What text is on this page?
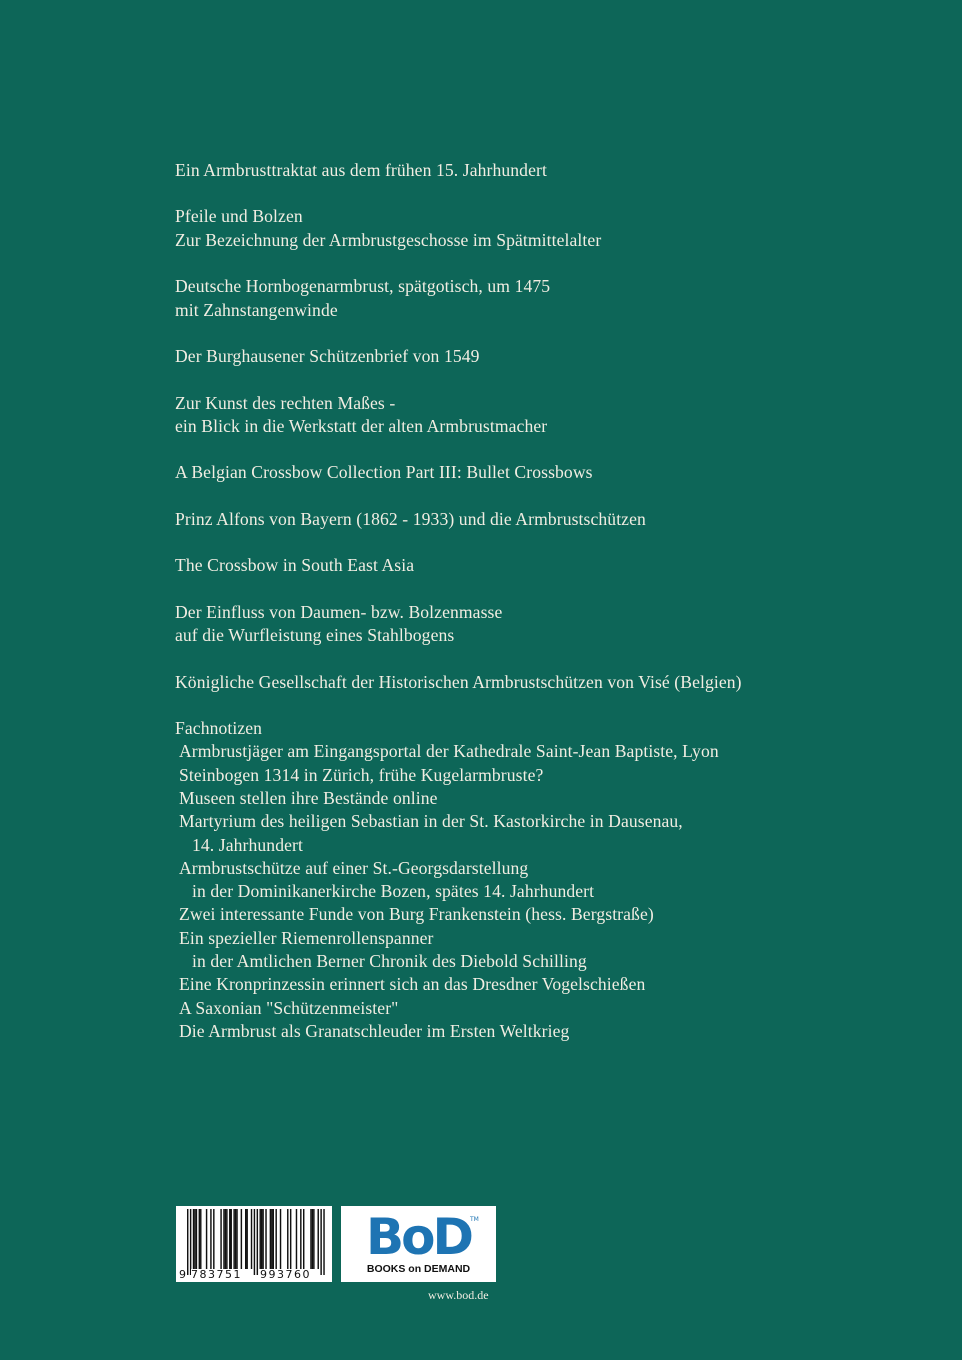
Ein Armbrusttraktat aus dem frühen 15. Jahrhundert
Pfeile und Bolzen
Zur Bezeichnung der Armbrustgeschosse im Spätmittelalter
Deutsche Hornbogenarmbrust, spätgotisch, um 1475
mit Zahnstangenwinde
Der Burghausener Schützenbrief von 1549
Zur Kunst des rechten Maßes -
ein Blick in die Werkstatt der alten Armbrustmacher
A Belgian Crossbow Collection Part III: Bullet Crossbows
Prinz Alfons von Bayern (1862 - 1933) und die Armbrustschützen
The Crossbow in South East Asia
Der Einfluss von Daumen- bzw. Bolzenmasse
auf die Wurfleistung eines Stahlbogens
Königliche Gesellschaft der Historischen Armbrustschützen von Visé (Belgien)
Fachnotizen
Armbrustjäger am Eingangsportal der Kathedrale Saint-Jean Baptiste, Lyon
Steinbogen 1314 in Zürich, frühe Kugelarmbruste?
Museen stellen ihre Bestände online
Martyrium des heiligen Sebastian in der St. Kastorkirche in Dausenau,
14. Jahrhundert
Armbrustschütze auf einer St.-Georgsdarstellung
in der Dominikanerkirche Bozen, spätes 14. Jahrhundert
Zwei interessante Funde von Burg Frankenstein (hess. Bergstraße)
Ein spezieller Riemenrollenspanner
in der Amtlichen Berner Chronik des Diebold Schilling
Eine Kronprinzessin erinnert sich an das Dresdner Vogelschießen
A Saxonian "Schützenmeister"
Die Armbrust als Granatschleuder im Ersten Weltkrieg
9 783751 993760
BoD TM
BOOKS on DEMAND
www.bod.de
